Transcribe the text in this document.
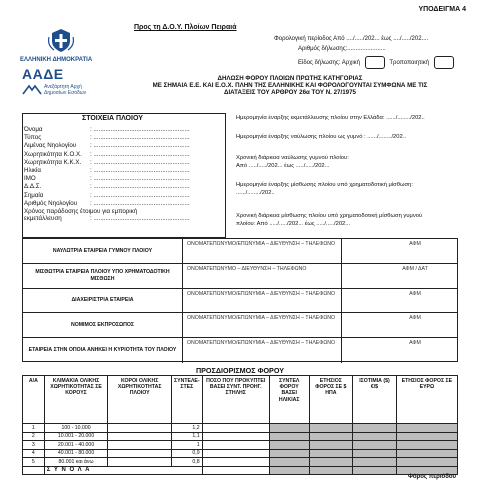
ΥΠΟΔΕΙΓΜΑ 4
Προς τη Δ.Ο.Υ. Πλοίων Πειραιά
Φορολογική περίοδος Από ..../...../202... έως ..../...../202....
Αριθμός δήλωσης:.......................
Είδος δήλωσης: Αρχική	Τροποποιητική
ΕΛΛΗΝΙΚΗ ΔΗΜΟΚΡΑΤΙΑ
ΑΑΔΕ
Ανεξάρτητη Αρχή Δημοσίων Εσόδων
ΔΗΛΩΣΗ ΦΟΡΟΥ ΠΛΟΙΩΝ ΠΡΩΤΗΣ ΚΑΤΗΓΟΡΙΑΣ
ΜΕ ΣΗΜΑΙΑ Ε.Ε. ΚΑΙ Ε.Ο.Χ. ΠΛΗΝ ΤΗΣ ΕΛΛΗΝΙΚΗΣ ΚΑΙ ΦΟΡΟΛΟΓΟΥΝΤΑΙ ΣΥΜΦΩΝΑ ΜΕ ΤΙΣ
ΔΙΑΤΑΞΕΙΣ ΤΟΥ ΑΡΘΡΟΥ 26α ΤΟΥ Ν. 27/1975
ΣΤΟΙΧΕΙΑ ΠΛΟΙΟΥ
Όνομα	: ........................................................
Τύπος	: ........................................................
Λιμένας Νηολογίου : ........................................................
Χωρητικότητα Κ.Ο.Χ. : ........................................................
Χωρητικότητα Κ.Κ.Χ. : ........................................................
Ηλικία	: ........................................................
IMO	: ........................................................
Δ.Δ.Σ.	: ........................................................
Σημαία	: ........................................................
Αριθμός Νηολογίου : ........................................................
Χρόνος παράδοσης έτοιμου για εμπορική
εκμετάλλευση	: ........................................................
Ημερομηνία έναρξης εκμετάλλευσης πλοίου στην Ελλάδα: ....../......../202..
Ημερομηνία έναρξης ναύλωσης πλοίου ως γυμνό : ....../......../202..
Χρονική διάρκεια ναύλωσης γυμνού πλοίου:
Από ...../...../202... έως ...../...../202...
Ημερομηνία έναρξης μίσθωσης πλοίου υπό χρηματοδοτική μίσθωση:
....../......../202..
Χρονική διάρκεια μίσθωσης πλοίου υπό χρηματοδοτική μίσθωση γυμνού
πλοίου: Από ...../...../202... έως ...../...../202...
ΝΑΥΛΩΤΡΙΑ ΕΤΑΙΡΕΙΑ ΓΥΜΝΟΥ ΠΛΟΙΟΥ
ΟΝΟΜΑΤΕΠΩΝΥΜΟ/ΕΠΩΝΥΜΙΑ – ΔΙΕΥΘΥΝΣΗ – ΤΗΛΕΦΩΝΟ	ΑΦΜ
ΜΙΣΘΩΤΡΙΑ ΕΤΑΙΡΕΙΑ ΠΛΟΙΟΥ ΥΠΟ ΧΡΗΜΑΤΟΔΟΤΙΚΗ ΜΙΣΘΩΣΗ
ΟΝΟΜΑΤΕΠΩΝΥΜΟ – ΔΙΕΥΘΥΝΣΗ – ΤΗΛΕΦΩΝΟ	ΑΦΜ / ΔΑΤ
ΔΙΑΧΕΙΡΙΣΤΡΙΑ ΕΤΑΙΡΕΙΑ
ΟΝΟΜΑΤΕΠΩΝΥΜΟ/ΕΠΩΝΥΜΙΑ – ΔΙΕΥΘΥΝΣΗ – ΤΗΛΕΦΩΝΟ	ΑΦΜ
ΝΟΜΙΜΟΣ ΕΚΠΡΟΣΩΠΟΣ
ΟΝΟΜΑΤΕΠΩΝΥΜΟ/ΕΠΩΝΥΜΙΑ – ΔΙΕΥΘΥΝΣΗ – ΤΗΛΕΦΩΝΟ	ΑΦΜ
ΕΤΑΙΡΕΙΑ ΣΤΗΝ ΟΠΟΙΑ ΑΝΗΚΕΙ Η ΚΥΡΙΟΤΗΤΑ ΤΟΥ ΠΛΟΙΟΥ
ΟΝΟΜΑΤΕΠΩΝΥΜΟ/ΕΠΩΝΥΜΙΑ – ΔΙΕΥΘΥΝΣΗ – ΤΗΛΕΦΩΝΟ	ΑΦΜ
ΠΡΟΣΔΙΟΡΙΣΜΟΣ ΦΟΡΟΥ
Α/Α	ΚΛΙΜΑΚΙΑ ΟΛΙΚΗΣ ΧΩΡΗΤΙΚΟΤΗΤΑΣ ΣΕ ΚΟΡΟΥΣ	ΚΟΡΟΙ ΟΛΙΚΗΣ ΧΩΡΗΤΙΚΟΤΗΤΑΣ ΠΛΟΙΟΥ	ΣΥΝΤΕΛΕ-ΣΤΕΣ	ΠΟΣΟ ΠΟΥ ΠΡΟΚΥΠΤΕΙ ΒΑΣΕΙ ΣΥΝΤ. ΠΡΟΗΓ. ΣΤΗΛΗΣ	ΣΥΝΤΕΛ ΦΟΡΟΥ ΒΑΣΕΙ ΗΛΙΚΙΑΣ	ΕΤΗΣΙΟΣ ΦΟΡΟΣ ΣΕ $ ΗΠΑ	ΙΣΟΤΙΜΙΑ ($) €/$	ΕΤΗΣΙΟΣ ΦΟΡΟΣ ΣΕ ΕΥΡΩ
1	100 - 10.000		1,2					
2	10.001 - 20.000		1,1					
3	20.001 - 40.000		1					
4	40.001 - 80.000		0,9					
5	80.001 και άνω		0,8					
	Σ Υ Ν Ο Λ Α							
Φόρος περιόδου
